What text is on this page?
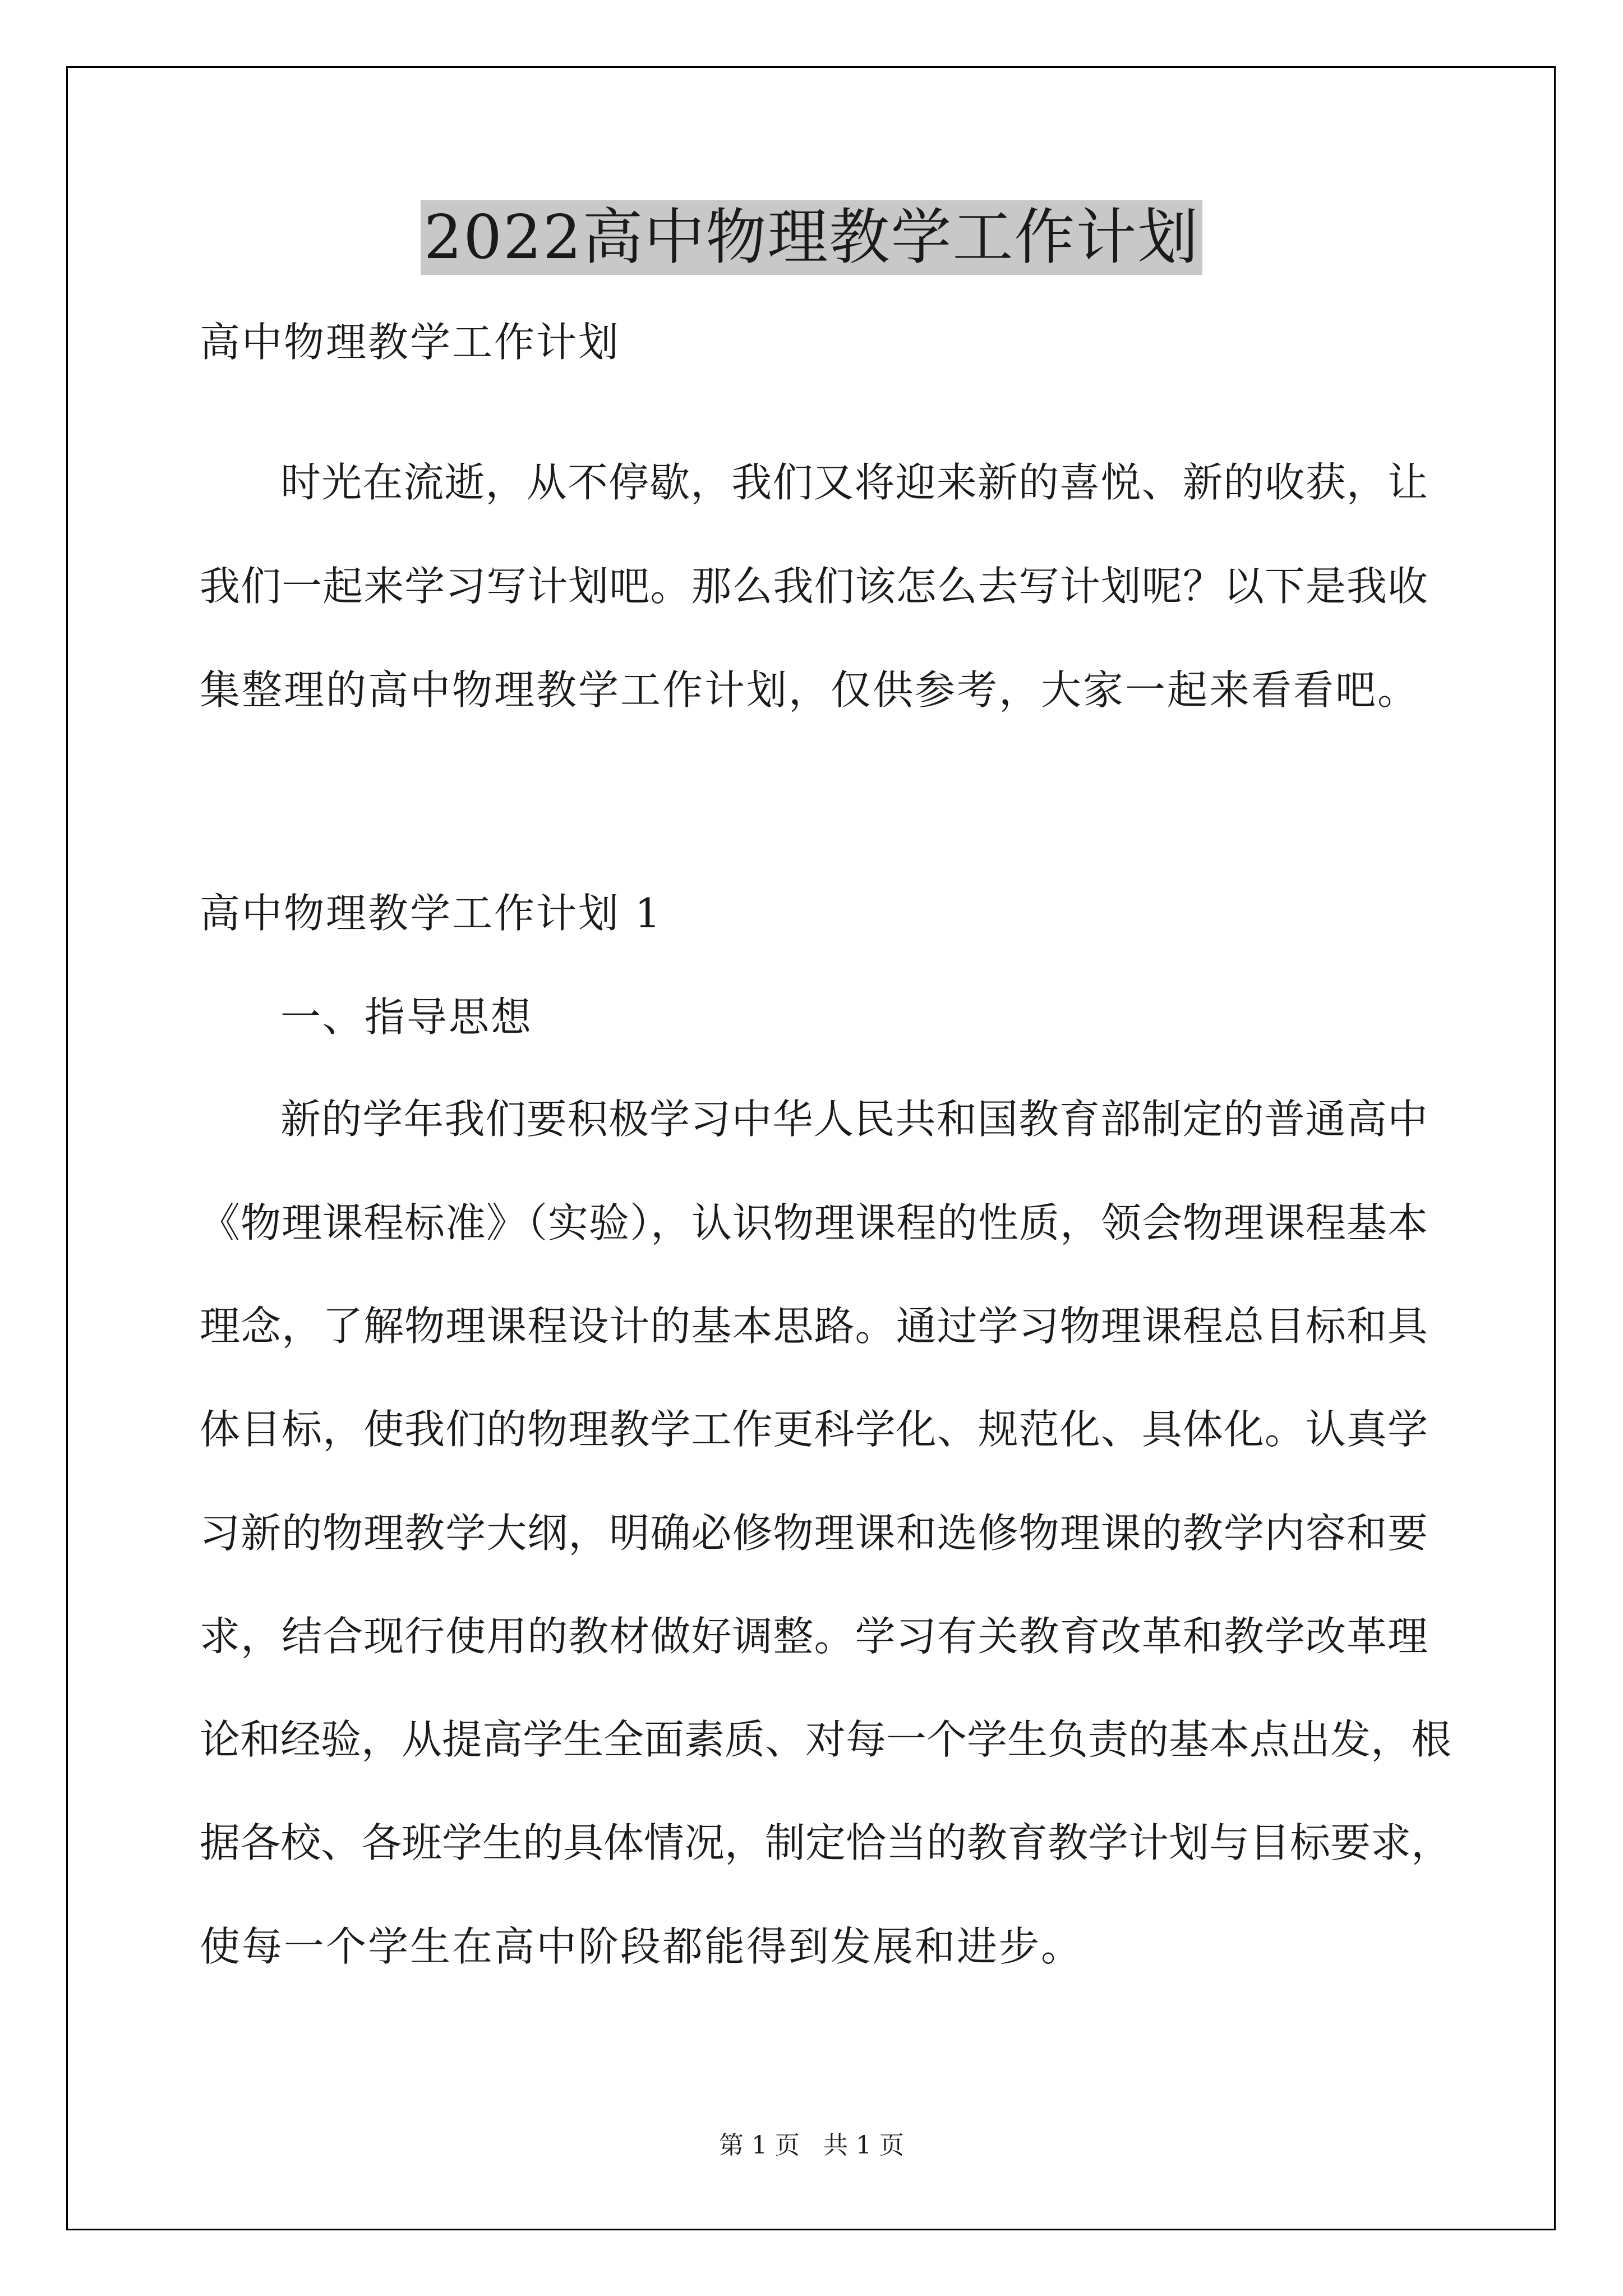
2022高中物理教学工作计划
高中物理教学工作计划
时光在流逝，从不停歇，我们又将迎来新的喜悦、新的收获，让
我们一起来学习写计划吧。那么我们该怎么去写计划呢？以下是我收
集整理的高中物理教学工作计划，仅供参考，大家一起来看看吧。
高中物理教学工作计划 1
一、指导思想
新的学年我们要积极学习中华人民共和国教育部制定的普通高中
《物理课程标准》（实验），认识物理课程的性质，领会物理课程基本
理念，了解物理课程设计的基本思路。通过学习物理课程总目标和具
体目标，使我们的物理教学工作更科学化、规范化、具体化。认真学
习新的物理教学大纲，明确必修物理课和选修物理课的教学内容和要
求，结合现行使用的教材做好调整。学习有关教育改革和教学改革理
论和经验，从提高学生全面素质、对每一个学生负责的基本点出发，根
据各校、各班学生的具体情况，制定恰当的教育教学计划与目标要求，
使每一个学生在高中阶段都能得到发展和进步。
第 1 页 共 1 页
